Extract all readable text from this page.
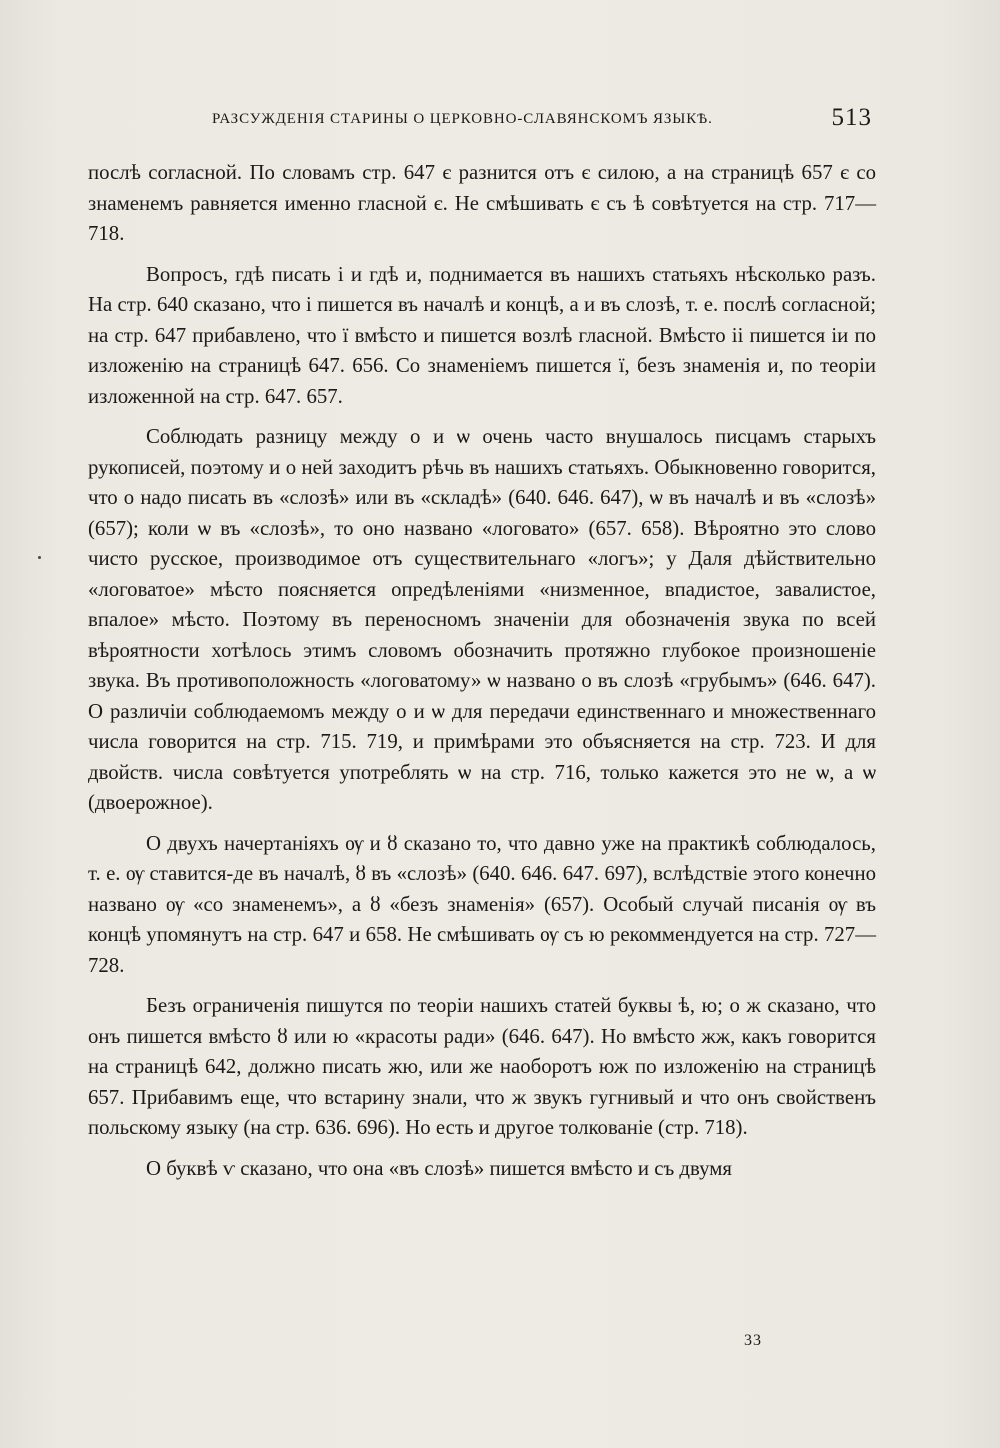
РАЗСУЖДЕНІЯ СТАРИНЫ О ЦЕРКОВНО-СЛАВЯНСКОМЪ ЯЗЫКѢ.	513

послѣ согласной. По словамъ стр. 647 є разнится отъ є силою, а на страницѣ 657 є со знаменемъ равняется именно гласной є. Не смѣшивать є съ ѣ совѣтуется на стр. 717—718.

Вопросъ, гдѣ писать і и гдѣ и, поднимается въ нашихъ статьяхъ нѣсколько разъ. На стр. 640 сказано, что і пишется въ началѣ и концѣ, а и въ слозѣ, т. е. послѣ согласной; на стр. 647 прибавлено, что ї вмѣсто и пишется возлѣ гласной. Вмѣсто іі пишется іи по изложенію на страницѣ 647. 656. Со знаменіемъ пишется ї, безъ знаменія и, по теоріи изложенной на стр. 647. 657.

Соблюдать разницу между о и ѡ очень часто внушалось писцамъ старыхъ рукописей, поэтому и о ней заходитъ рѣчь въ нашихъ статьяхъ. Обыкновенно говорится, что о надо писать въ «слозѣ» или въ «складѣ» (640. 646. 647), ѡ въ началѣ и въ «слозѣ» (657); коли ѡ въ «слозѣ», то оно названо «логовато» (657. 658). Вѣроятно это слово чисто русское, производимое отъ существительнаго «логъ»; у Даля дѣйствительно «логоватое» мѣсто поясняется опредѣленіями «низменное, впадистое, завалистое, впалое» мѣсто. Поэтому въ переносномъ значеніи для обозначенія звука по всей вѣроятности хотѣлось этимъ словомъ обозначить протяжно глубокое произношеніе звука. Въ противоположность «логоватому» ѡ названо о въ слозѣ «грубымъ» (646. 647). О различіи соблюдаемомъ между о и ѡ для передачи единственнаго и множественнаго числа говорится на стр. 715. 719, и примѣрами это объясняется на стр. 723. И для двойств. числа совѣтуется употреблять ѡ на стр. 716, только кажется это не ѡ, а ѡ (двоерожное).

О двухъ начертаніяхъ ѹ и ȣ сказано то, что давно уже на практикѣ соблюдалось, т. е. ѹ ставится-де въ началѣ, ȣ въ «слозѣ» (640. 646. 647. 697), вслѣдствіе этого конечно названо ѹ «со знаменемъ», а ȣ «безъ знаменія» (657). Особый случай писанія ѹ въ концѣ упомянутъ на стр. 647 и 658. Не смѣшивать ѹ съ ю рекоммендуется на стр. 727—728.

Безъ ограниченія пишутся по теоріи нашихъ статей буквы ѣ, ю; о ж сказано, что онъ пишется вмѣсто ȣ или ю «красоты ради» (646. 647). Но вмѣсто жж, какъ говорится на страницѣ 642, должно писать жю, или же наоборотъ юж по изложенію на страницѣ 657. Прибавимъ еще, что встарину знали, что ж звукъ гугнивый и что онъ свойственъ польскому языку (на стр. 636. 696). Но есть и другое толкованіе (стр. 718).

О буквѣ ѵ сказано, что она «въ слозѣ» пишется вмѣсто и съ двумя

33
